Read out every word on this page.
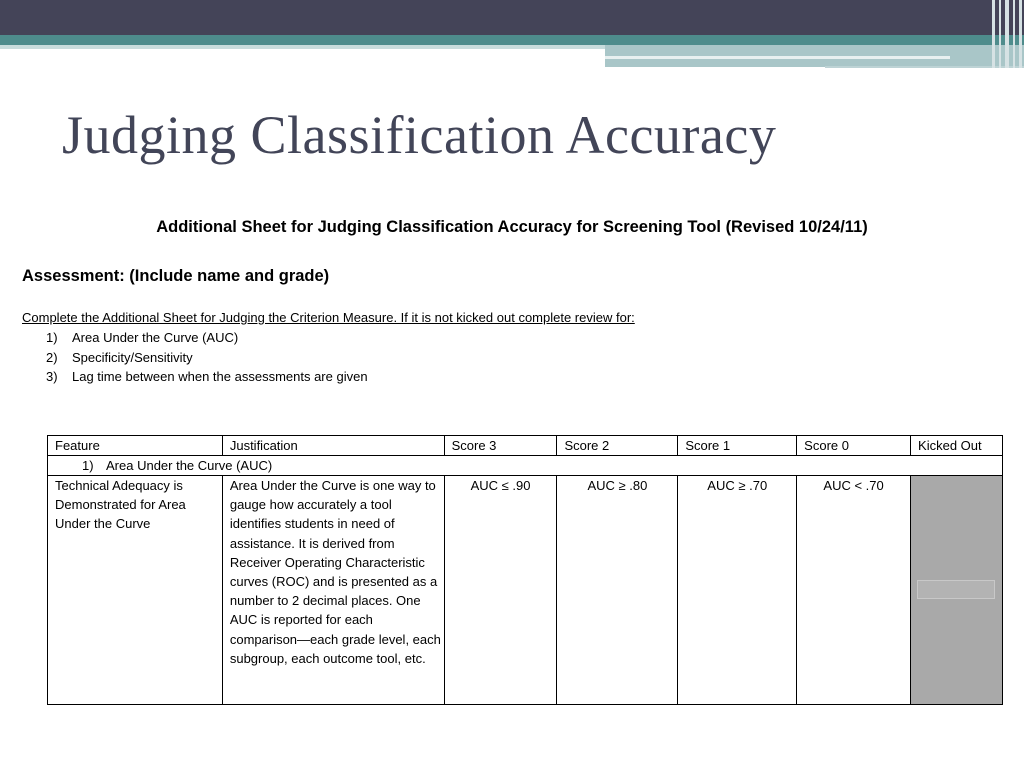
Judging Classification Accuracy
Additional Sheet for Judging Classification Accuracy for Screening Tool (Revised 10/24/11)
Assessment: (Include name and grade)
Complete the Additional Sheet for Judging the Criterion Measure. If it is not kicked out complete review for:
1) Area Under the Curve (AUC)
2) Specificity/Sensitivity
3) Lag time between when the assessments are given
Feature	Justification	Score 3	Score 2	Score 1	Score 0	Kicked Out
1) Area Under the Curve (AUC)						
Technical Adequacy is Demonstrated for Area Under the Curve	Area Under the Curve is one way to gauge how accurately a tool identifies students in need of assistance. It is derived from Receiver Operating Characteristic curves (ROC) and is presented as a number to 2 decimal places. One AUC is reported for each comparison—each grade level, each subgroup, each outcome tool, etc.	AUC ≤ .90	AUC ≥ .80	AUC ≥ .70	AUC < .70	
